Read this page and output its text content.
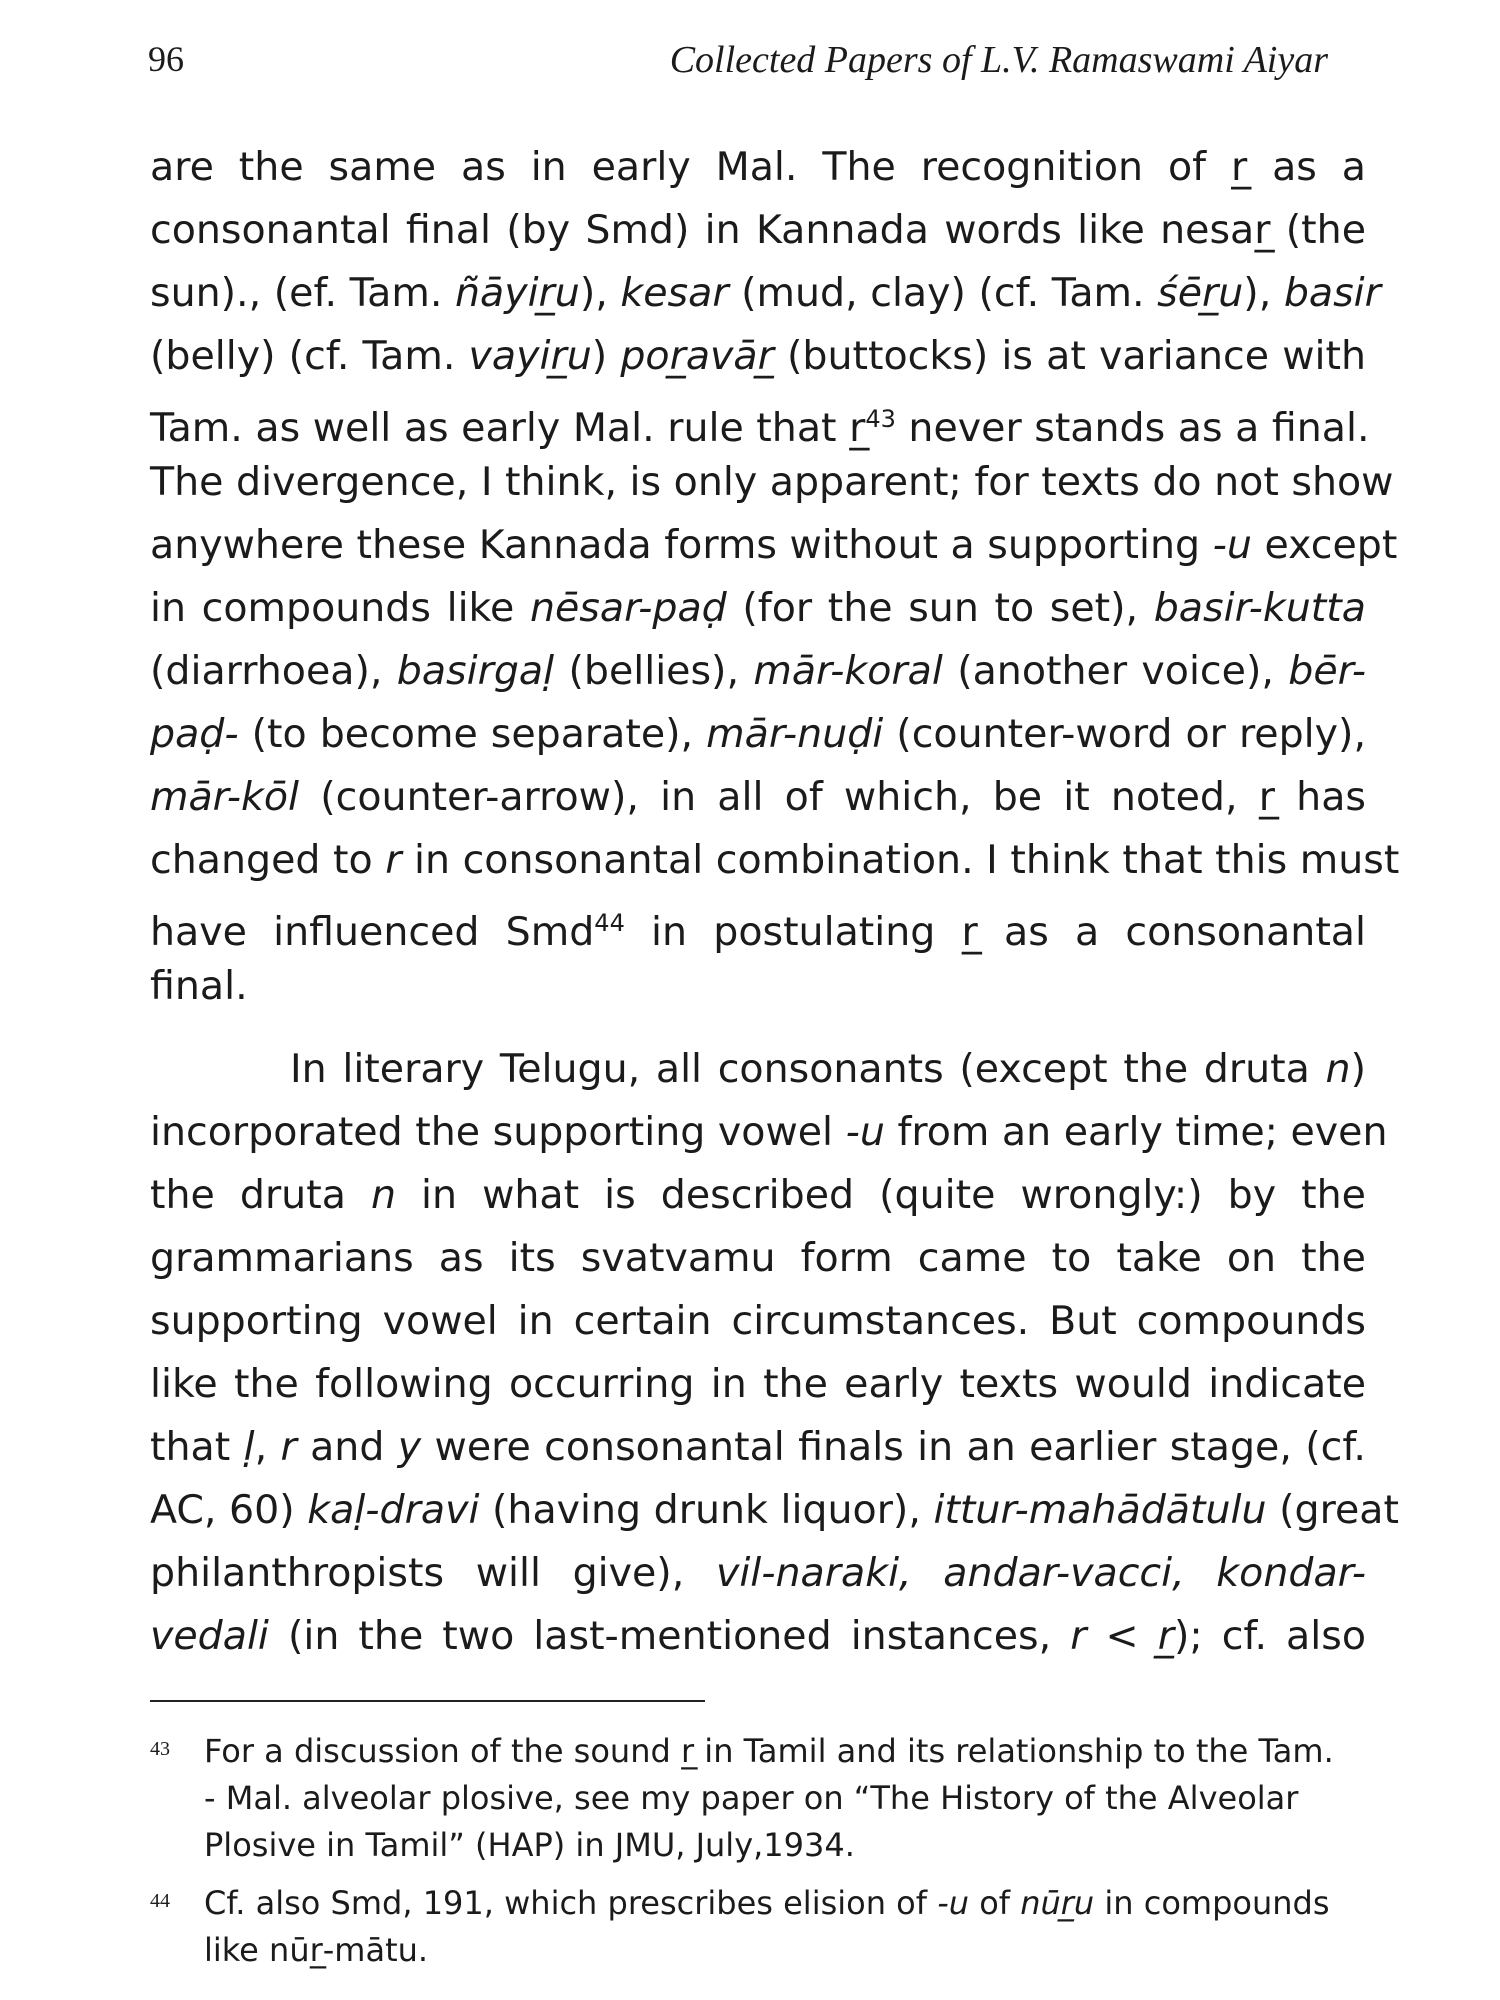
96	Collected Papers of L.V. Ramaswami Aiyar
are the same as in early Mal. The recognition of r̲ as a
consonantal final (by Smd) in Kannada words like nesar̲ (the
sun)., (ef. Tam. ñāyir̲u), kesar (mud, clay) (cf. Tam. śēr̲u), basir
(belly) (cf. Tam. vayir̲u) por̲avār̲ (buttocks) is at variance with
Tam. as well as early Mal. rule that r̲$^{43}$ never stands as a final.
The divergence, I think, is only apparent; for texts do not show
anywhere these Kannada forms without a supporting -u except
in compounds like nēsar-paḍ (for the sun to set), basir-kutta
(diarrhoea), basirgaḷ (bellies), mār-koral (another voice), bēr-
paḍ- (to become separate), mār-nuḍi (counter-word or reply),
mār-kōl (counter-arrow), in all of which, be it noted, r̲ has
changed to r in consonantal combination. I think that this must
have influenced Smd$^{44}$ in postulating r̲ as a consonantal
final.
In literary Telugu, all consonants (except the druta n)
incorporated the supporting vowel -u from an early time; even
the druta n in what is described (quite wrongly:) by the
grammarians as its svatvamu form came to take on the
supporting vowel in certain circumstances. But compounds
like the following occurring in the early texts would indicate
that ḷ, r and y were consonantal finals in an earlier stage, (cf.
AC, 60) kaḷ-dravi (having drunk liquor), ittur-mahādātulu (great
philanthropists will give), vil-naraki, andar-vacci, kondar-
vedali (in the two last-mentioned instances, r < r̲); cf. also
43 For a discussion of the sound r̲ in Tamil and its relationship to the Tam.
- Mal. alveolar plosive, see my paper on “The History of the Alveolar
Plosive in Tamil” (HAP) in JMU, July,1934.
44 Cf. also Smd, 191, which prescribes elision of -u of nūr̲u in compounds
like nūr̲-mātu.
